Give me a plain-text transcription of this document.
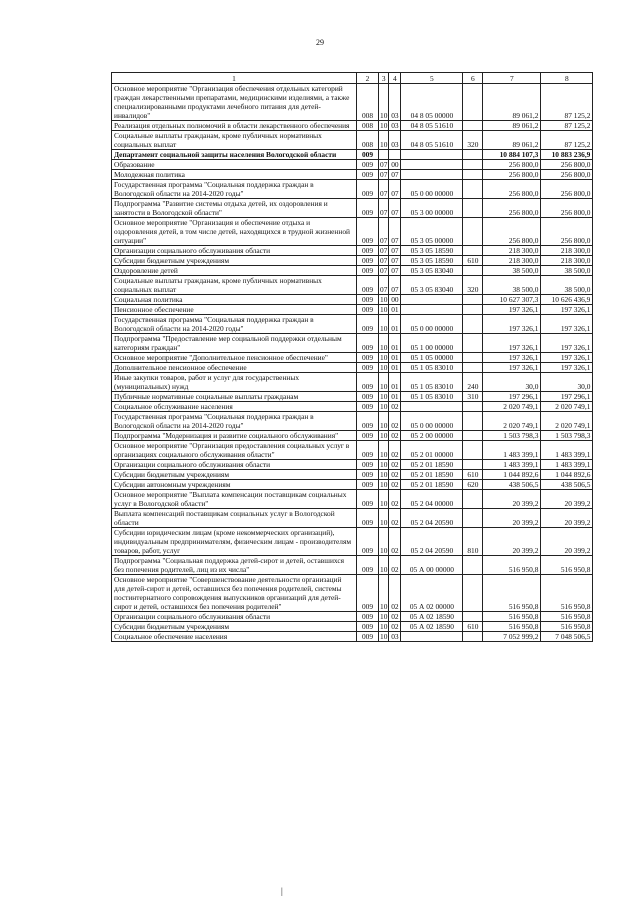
29
1	2	3	4	5	6	7	8
Основное мероприятие "Организация обеспечения отдельных категорий граждан лекарственными препаратами, медицинскими изделиями, а также специализированными продуктами лечебного питания для детей-инвалидов"	008	10	03	04 8 05 00000		89 061,2	87 125,2
Реализация отдельных полномочий в области лекарственного обеспечения	008	10	03	04 8 05 51610		89 061,2	87 125,2
Социальные выплаты гражданам, кроме публичных нормативных социальных выплат	008	10	03	04 8 05 51610	320	89 061,2	87 125,2
Департамент социальной защиты населения Вологодской области	009					10 884 107,3	10 883 236,9
Образование	009	07	00			256 800,0	256 800,0
Молодежная политика	009	07	07			256 800,0	256 800,0
Государственная программа "Социальная поддержка граждан в Вологодской области на 2014-2020 годы"	009	07	07	05 0 00 00000		256 800,0	256 800,0
Подпрограмма "Развитие системы отдыха детей, их оздоровления и занятости в Вологодской области"	009	07	07	05 3 00 00000		256 800,0	256 800,0
Основное мероприятие "Организация и обеспечение отдыха и оздоровления детей, в том числе детей, находящихся в трудной жизненной ситуации"	009	07	07	05 3 05 00000		256 800,0	256 800,0
Организации социального обслуживания области	009	07	07	05 3 05 18590		218 300,0	218 300,0
Субсидии бюджетным учреждениям	009	07	07	05 3 05 18590	610	218 300,0	218 300,0
Оздоровление детей	009	07	07	05 3 05 83040		38 500,0	38 500,0
Социальные выплаты гражданам, кроме публичных нормативных социальных выплат	009	07	07	05 3 05 83040	320	38 500,0	38 500,0
Социальная политика	009	10	00			10 627 307,3	10 626 436,9
Пенсионное обеспечение	009	10	01			197 326,1	197 326,1
Государственная программа "Социальная поддержка граждан в Вологодской области на 2014-2020 годы"	009	10	01	05 0 00 00000		197 326,1	197 326,1
Подпрограмма "Предоставление мер социальной поддержки отдельным категориям граждан"	009	10	01	05 1 00 00000		197 326,1	197 326,1
Основное мероприятие "Дополнительное пенсионное обеспечение"	009	10	01	05 1 05 00000		197 326,1	197 326,1
Дополнительное пенсионное обеспечение	009	10	01	05 1 05 83010		197 326,1	197 326,1
Иные закупки товаров, работ и услуг для государственных (муниципальных) нужд	009	10	01	05 1 05 83010	240	30,0	30,0
Публичные нормативные социальные выплаты гражданам	009	10	01	05 1 05 83010	310	197 296,1	197 296,1
Социальное обслуживание населения	009	10	02			2 020 749,1	2 020 749,1
Государственная программа "Социальная поддержка граждан в Вологодской области на 2014-2020 годы"	009	10	02	05 0 00 00000		2 020 749,1	2 020 749,1
Подпрограмма "Модернизация и развитие социального обслуживания"	009	10	02	05 2 00 00000		1 503 798,3	1 503 798,3
Основное мероприятие "Организация предоставления социальных услуг в организациях социального обслуживания области"	009	10	02	05 2 01 00000		1 483 399,1	1 483 399,1
Организации социального обслуживания области	009	10	02	05 2 01 18590		1 483 399,1	1 483 399,1
Субсидии бюджетным учреждениям	009	10	02	05 2 01 18590	610	1 044 892,6	1 044 892,6
Субсидии автономным учреждениям	009	10	02	05 2 01 18590	620	438 506,5	438 506,5
Основное мероприятие "Выплата компенсации поставщикам социальных услуг в Вологодской области"	009	10	02	05 2 04 00000		20 399,2	20 399,2
Выплата компенсаций поставщикам социальных услуг в Вологодской области	009	10	02	05 2 04 20590		20 399,2	20 399,2
Субсидии юридическим лицам (кроме некоммерческих организаций), индивидуальным предпринимателям, физическим лицам - производителям товаров, работ, услуг	009	10	02	05 2 04 20590	810	20 399,2	20 399,2
Подпрограмма "Социальная поддержка детей-сирот и детей, оставшихся без попечения родителей, лиц из их числа"	009	10	02	05 А 00 00000		516 950,8	516 950,8
Основное мероприятие "Совершенствование деятельности организаций для детей-сирот и детей, оставшихся без попечения родителей, системы постинтернатного сопровождения выпускников организаций для детей-сирот и детей, оставшихся без попечения родителей"	009	10	02	05 А 02 00000		516 950,8	516 950,8
Организации социального обслуживания области	009	10	02	05 А 02 18590		516 950,8	516 950,8
Субсидии бюджетным учреждениям	009	10	02	05 А 02 18590	610	516 950,8	516 950,8
Социальное обеспечение населения	009	10	03			7 052 999,2	7 048 506,5
|
